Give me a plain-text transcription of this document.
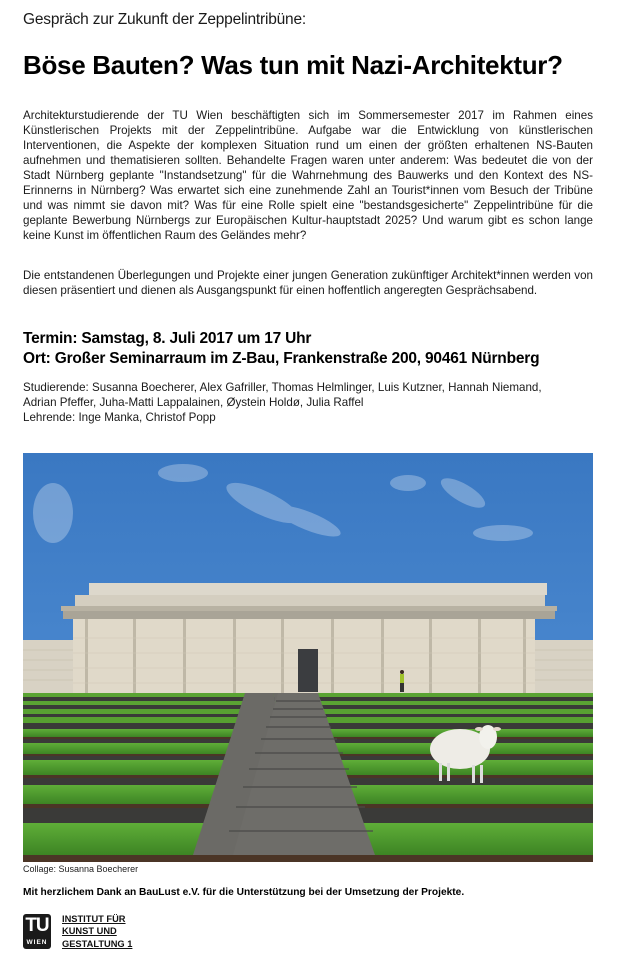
Gespräch zur Zukunft der Zeppelintribüne:
Böse Bauten? Was tun mit Nazi-Architektur?
Architekturstudierende der TU Wien beschäftigten sich im Sommersemester 2017 im Rahmen eines Künstlerischen Projekts mit der Zeppelintribüne. Aufgabe war die Entwicklung von künstlerischen Interventionen, die Aspekte der komplexen Situation rund um einen der größten erhaltenen NS-Bauten aufnehmen und thematisieren sollten. Behandelte Fragen waren unter anderem: Was bedeutet die von der Stadt Nürnberg geplante "Instandsetzung" für die Wahrnehmung des Bauwerks und den Kontext des NS-Erinnerns in Nürnberg? Was erwartet sich eine zunehmende Zahl an Tourist*innen vom Besuch der Tribüne und was nimmt sie davon mit? Was für eine Rolle spielt eine "bestandsgesicherte" Zeppelintribüne für die geplante Bewerbung Nürnbergs zur Europäischen Kultur-hauptstadt 2025? Und warum gibt es schon lange keine Kunst im öffentlichen Raum des Geländes mehr?
Die entstandenen Überlegungen und Projekte einer jungen Generation zukünftiger Architekt*innen werden von diesen präsentiert und dienen als Ausgangspunkt für einen hoffentlich angeregten Gesprächsabend.
Termin: Samstag, 8. Juli 2017 um 17 Uhr
Ort: Großer Seminarraum im Z-Bau, Frankenstraße 200, 90461 Nürnberg
Studierende: Susanna Boecherer, Alex Gafriller, Thomas Helmlinger, Luis Kutzner, Hannah Niemand,
Adrian Pfeffer, Juha-Matti Lappalainen, Øystein Holdø, Julia Raffel
Lehrende: Inge Manka, Christof Popp
Collage: Susanna Boecherer
Mit herzlichem Dank an BauLust e.V. für die Unterstützung bei der Umsetzung der Projekte.
TU
WIEN
INSTITUT FÜR
KUNST UND
GESTALTUNG 1
